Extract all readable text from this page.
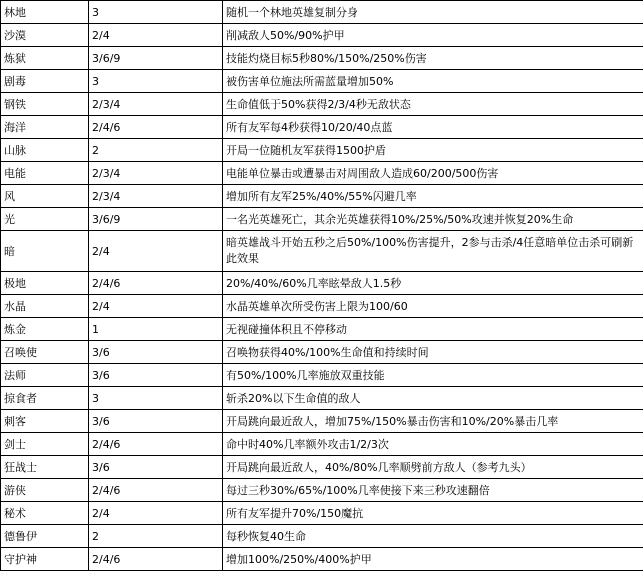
林地	3	随机一个林地英雄复制分身
沙漠	2/4	削减敌人50%/90%护甲
炼狱	3/6/9	技能灼烧目标5秒80%/150%/250%伤害
剧毒	3	被伤害单位施法所需蓝量增加50%
钢铁	2/3/4	生命值低于50%获得2/3/4秒无敌状态
海洋	2/4/6	所有友军每4秒获得10/20/40点蓝
山脉	2	开局一位随机友军获得1500护盾
电能	2/3/4	电能单位暴击或遭暴击对周围敌人造成60/200/500伤害
风	2/3/4	增加所有友军25%/40%/55%闪避几率
光	3/6/9	一名光英雄死亡，其余光英雄获得10%/25%/50%攻速并恢复20%生命
暗	2/4	暗英雄战斗开始五秒之后50%/100%伤害提升，2参与击杀/4任意暗单位击杀可刷新此效果
极地	2/4/6	20%/40%/60%几率眩晕敌人1.5秒
水晶	2/4	水晶英雄单次所受伤害上限为100/60
炼金	1	无视碰撞体积且不停移动
召唤使	3/6	召唤物获得40%/100%生命值和持续时间
法师	3/6	有50%/100%几率施放双重技能
掠食者	3	斩杀20%以下生命值的敌人
刺客	3/6	开局跳向最近敌人，增加75%/150%暴击伤害和10%/20%暴击几率
剑士	2/4/6	命中时40%几率额外攻击1/2/3次
狂战士	3/6	开局跳向最近敌人，40%/80%几率顺劈前方敌人（参考九头）
游侠	2/4/6	每过三秒30%/65%/100%几率使接下来三秒攻速翻倍
秘术	2/4	所有友军提升70%/150魔抗
德鲁伊	2	每秒恢复40生命
守护神	2/4/6	增加100%/250%/400%护甲
